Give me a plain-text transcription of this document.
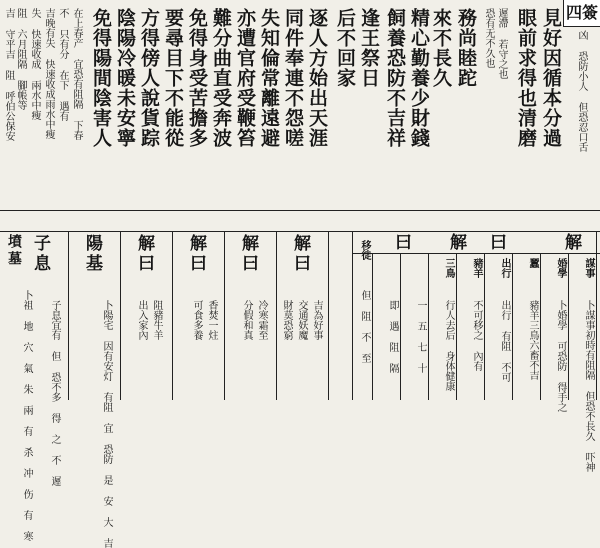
四簽
見好因循本分過
眼前求得也清磨
務尚睦跎
來不長久
精心勤養少財錢
飼養恐防不吉祥
逢王祭日
后不回家
逐人方始出天涯
同件奉連不怨嗟
失知倫常離遠避
亦遭官府受鞭笞
難分曲直受奔波
免得身受苦擔多
要尋目下不能從
方得傍人說貨踪
陰陽冷暖未安寧
免得陽間陰害人	凶 恐防小人 但恐忍口舌
遲滯 若守之也
恐有无不久也
在上春产 宜恐有阻隔 下春
不 只有分 在下 遇有
吉晚有失 快速收成雨水中瘦
失 快速收成 兩水中瘦
阻 六月阻隔 腳帳等
吉 守平吉 阻 呼伯公保安
解
曰
解
曰
謀事
婚學
蠶
出行
豬羊
三鳥
移徙
卜謀事初時有阻隔 但恐不長久 吓神
卜婚學 可恐防 得手之
豬羊三鳥六畜不吉
出行 有阻 不可
不可移之 內有
行人去后 身体健康
一 五 七 十
即 遇 阻 隔
但 阻 不 至
解曰
解曰
解曰
解曰
陽基
子息
墳墓
吉為好事
交通妖魔
財莫恐窮
冷寒霜至
分假和真
香焚一炷
可食多養
阻豬牛羊
出入家內
卜陽宅 因有安灯 有阻 宜 恐防 是 安 大 吉
子息宜有 但 恐不多 得 之 不 遲
卜祖 地 穴 氣 朱 兩 有 杀 冲 伤 有 寒
